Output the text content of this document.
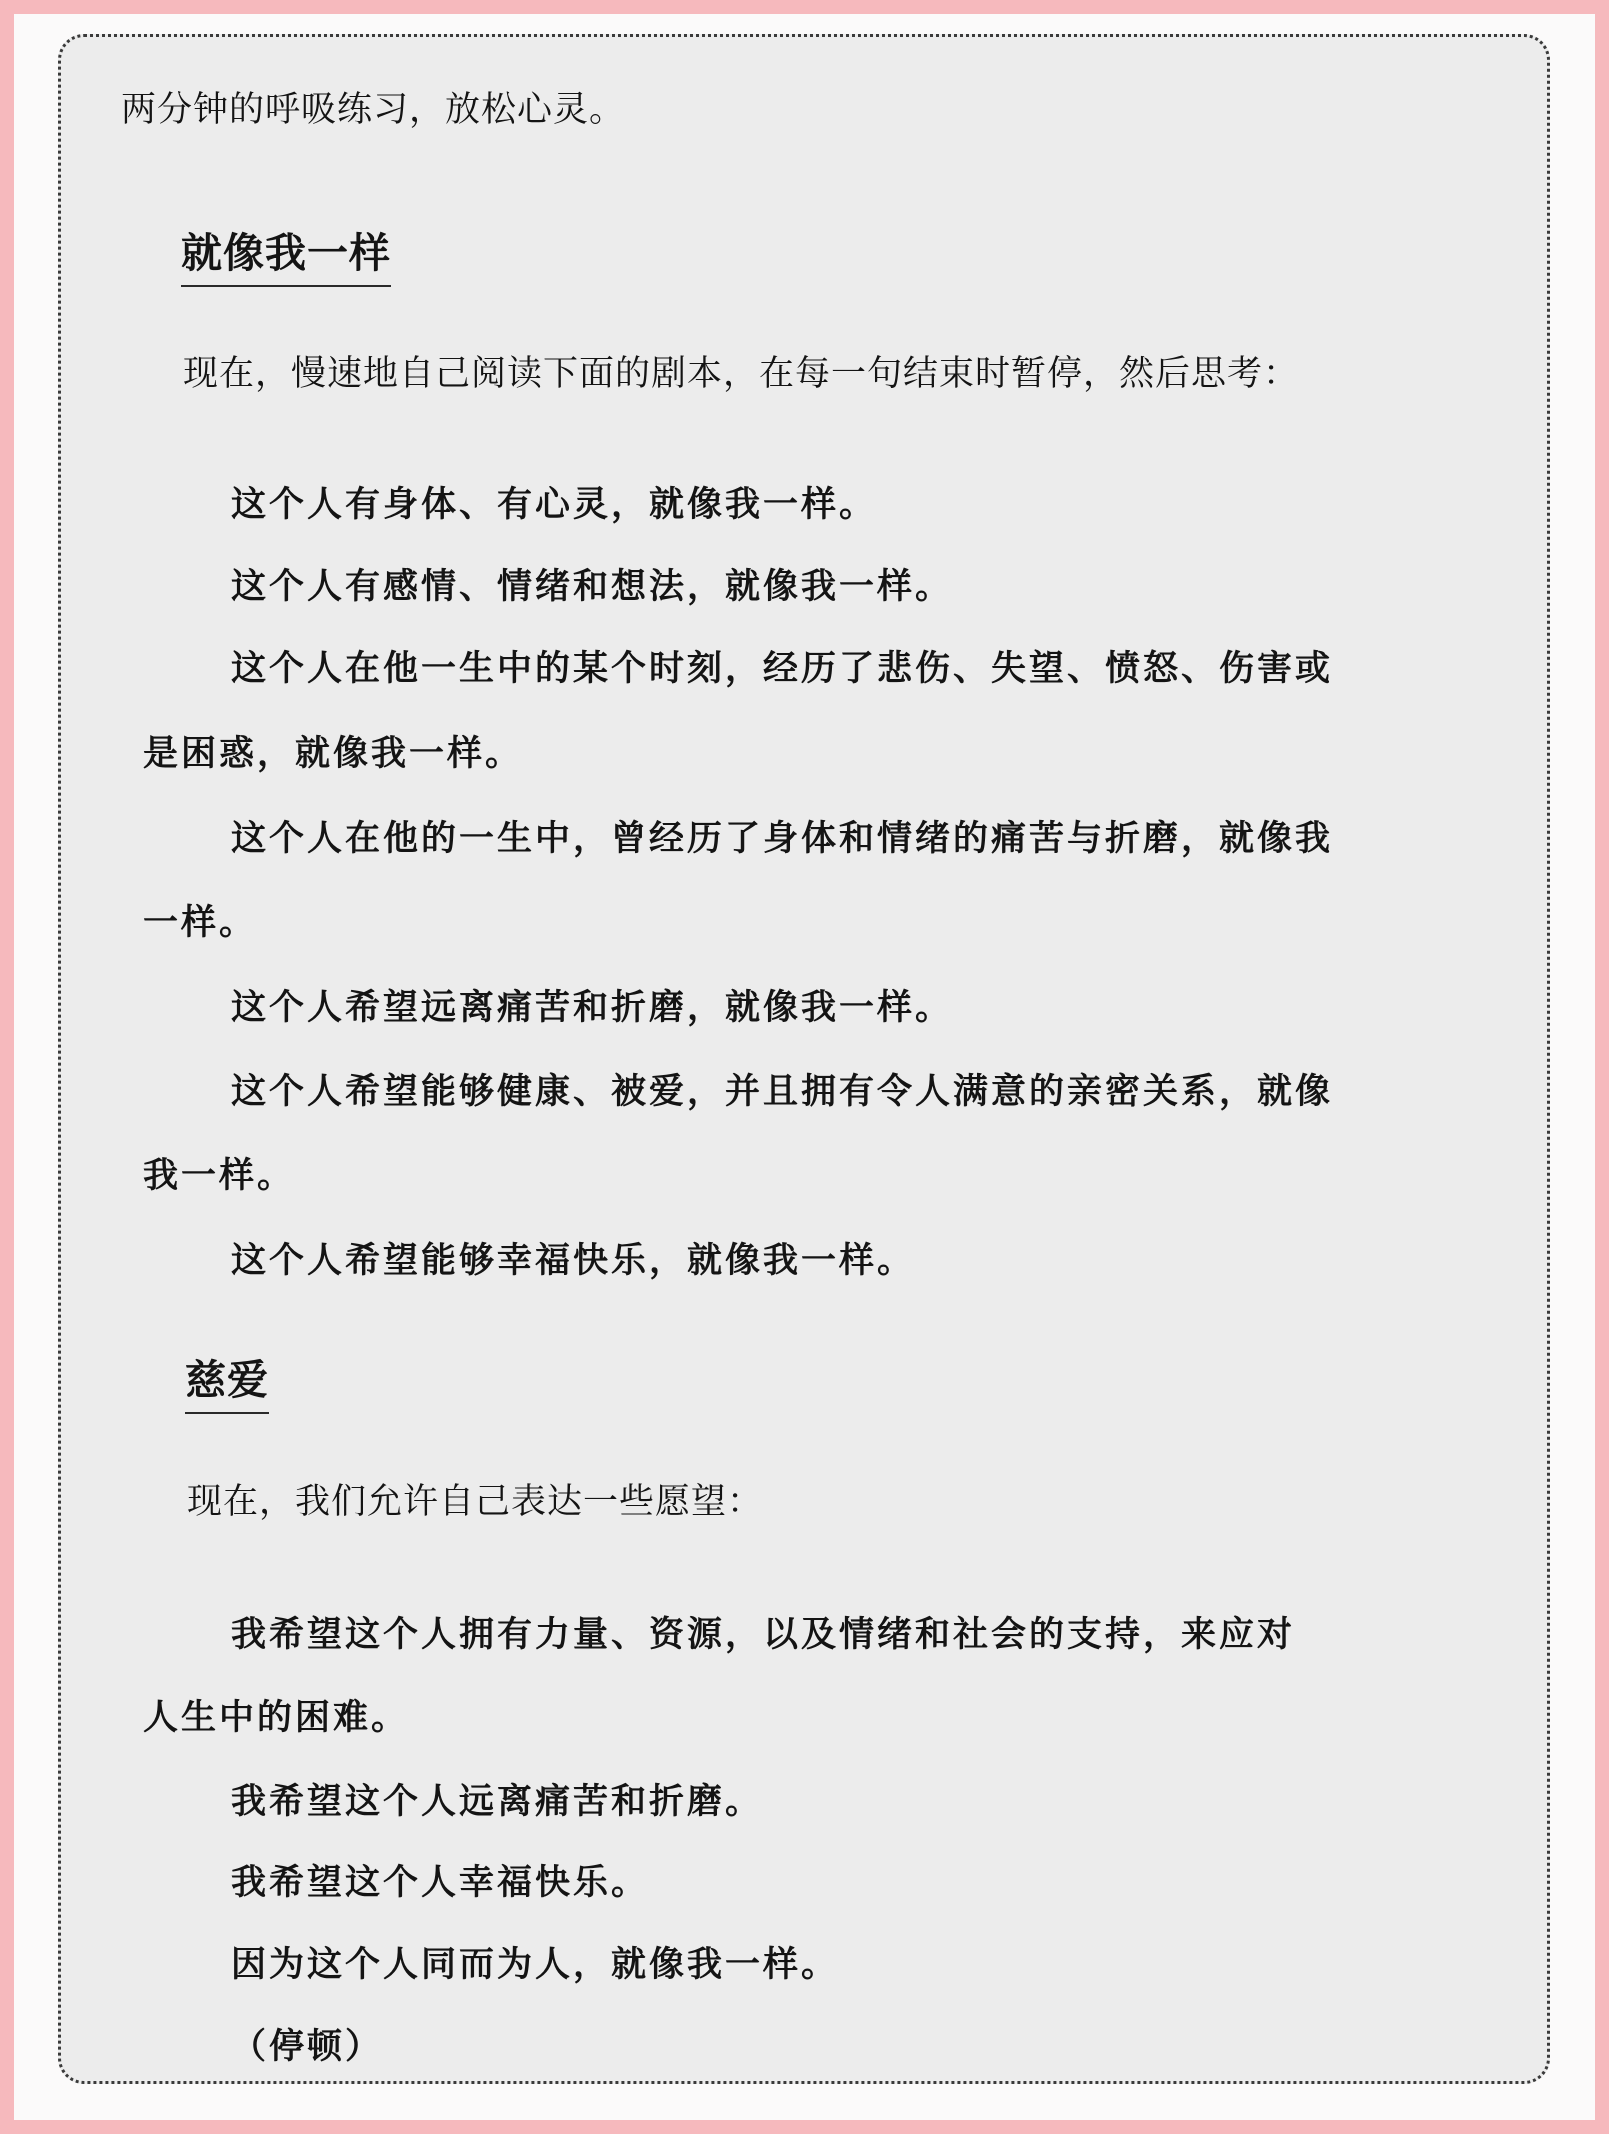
两分钟的呼吸练习，放松心灵。
就像我一样
现在，慢速地自己阅读下面的剧本，在每一句结束时暂停，然后思考：
这个人有身体、有心灵，就像我一样。
这个人有感情、情绪和想法，就像我一样。
这个人在他一生中的某个时刻，经历了悲伤、失望、愤怒、伤害或
是困惑，就像我一样。
这个人在他的一生中，曾经历了身体和情绪的痛苦与折磨，就像我
一样。
这个人希望远离痛苦和折磨，就像我一样。
这个人希望能够健康、被爱，并且拥有令人满意的亲密关系，就像
我一样。
这个人希望能够幸福快乐，就像我一样。
慈爱
现在，我们允许自己表达一些愿望：
我希望这个人拥有力量、资源，以及情绪和社会的支持，来应对
人生中的困难。
我希望这个人远离痛苦和折磨。
我希望这个人幸福快乐。
因为这个人同而为人，就像我一样。
（停顿）
